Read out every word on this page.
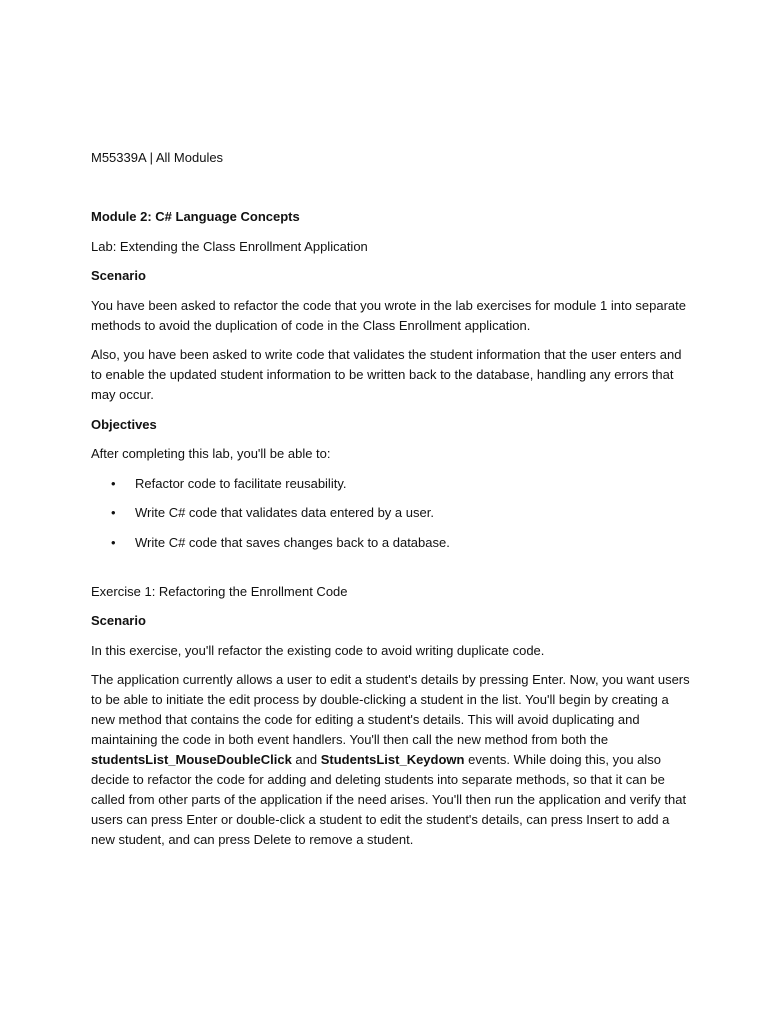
M55339A | All Modules
Module 2: C# Language Concepts
Lab: Extending the Class Enrollment Application
Scenario
You have been asked to refactor the code that you wrote in the lab exercises for module 1 into separate methods to avoid the duplication of code in the Class Enrollment application.
Also, you have been asked to write code that validates the student information that the user enters and to enable the updated student information to be written back to the database, handling any errors that may occur.
Objectives
After completing this lab, you'll be able to:
• Refactor code to facilitate reusability.
• Write C# code that validates data entered by a user.
• Write C# code that saves changes back to a database.
Exercise 1: Refactoring the Enrollment Code
Scenario
In this exercise, you'll refactor the existing code to avoid writing duplicate code.
The application currently allows a user to edit a student's details by pressing Enter. Now, you want users to be able to initiate the edit process by double-clicking a student in the list. You'll begin by creating a new method that contains the code for editing a student's details. This will avoid duplicating and maintaining the code in both event handlers. You'll then call the new method from both the studentsList_MouseDoubleClick and StudentsList_Keydown events. While doing this, you also decide to refactor the code for adding and deleting students into separate methods, so that it can be called from other parts of the application if the need arises. You'll then run the application and verify that users can press Enter or double-click a student to edit the student's details, can press Insert to add a new student, and can press Delete to remove a student.
